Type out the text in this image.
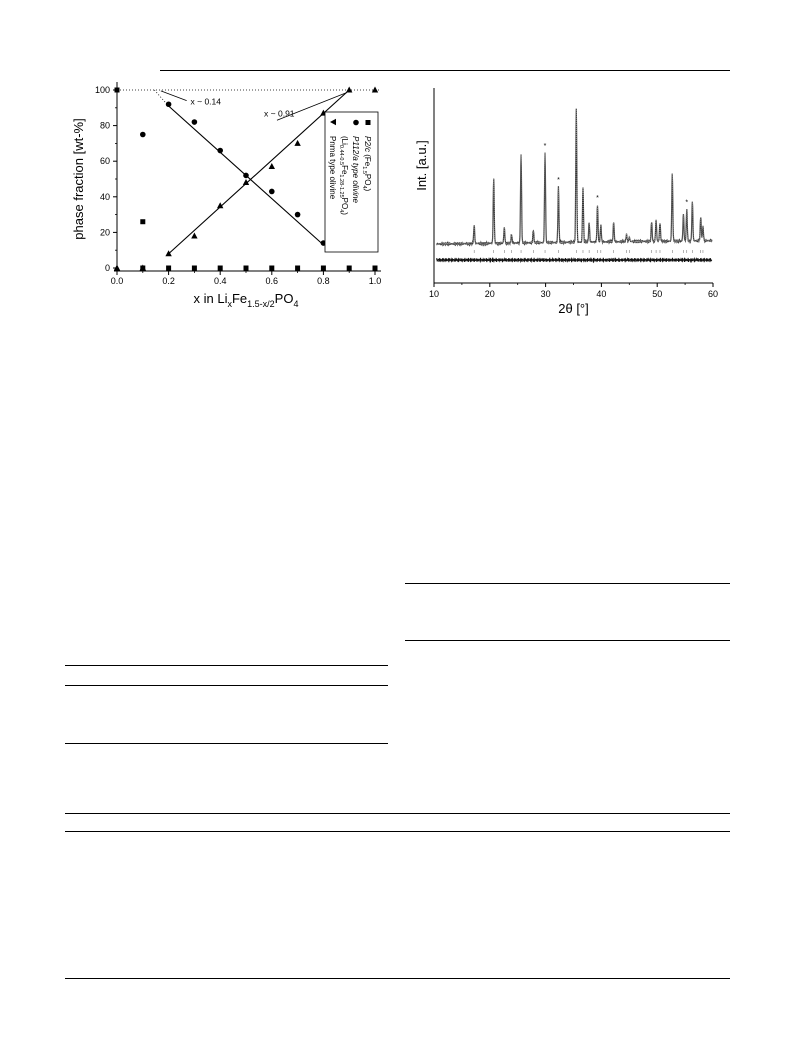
0.0	0.2	0.4	0.6	0.8	1.0
0
20
40
60
80
100
x in $Li_xFe_{1.5-x/2}PO_4$
phase fraction [wt-%]
x ~ 0.14
x ~ 0.91
P2/c $(Fe_{1.5}PO_4)$
P112/a type olivine
$(Li_{0.44-0.5}Fe_{1.28-1.25}PO_4)$
Pnma type olivine
10	20	30	40	50	60
2θ [°]
Int. [a.u.]	*
*
*
*
